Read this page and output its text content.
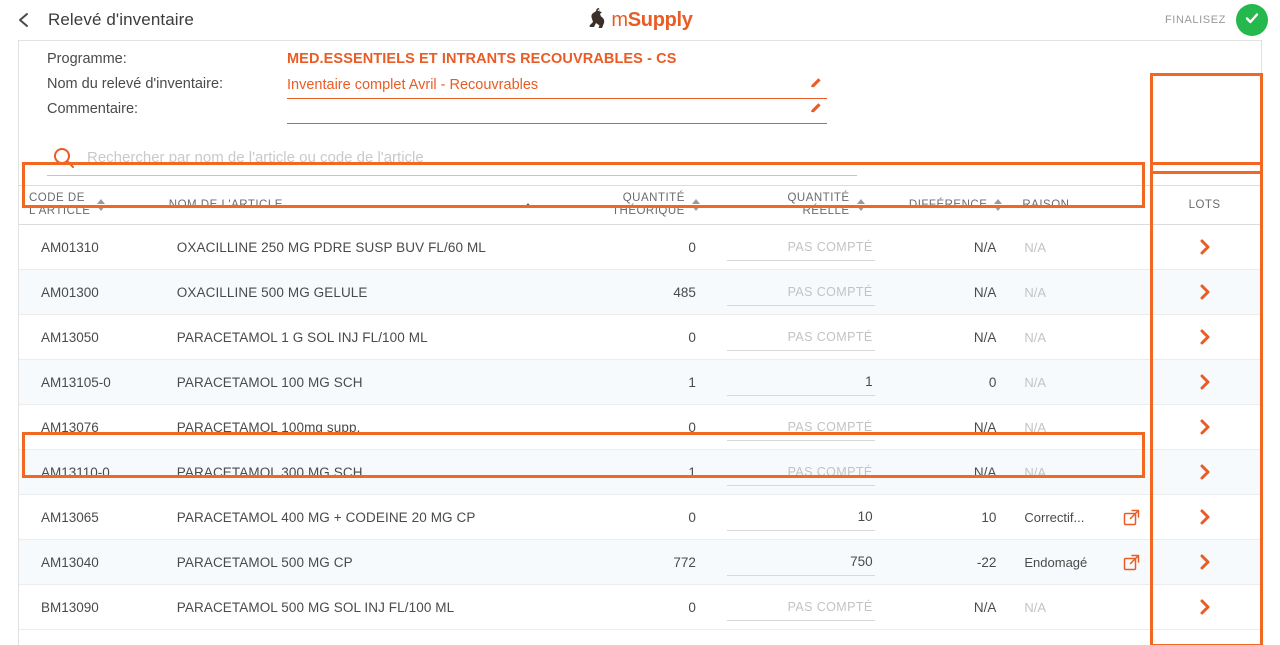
Relevé d'inventaire	mSupply	FINALISEZ
Programme:	MED.ESSENTIELS ET INTRANTS RECOUVRABLES - CS
Nom du relevé d'inventaire:	Inventaire complet Avril - Recouvrables
Commentaire:
Rechercher par nom de l'article ou code de l'article
CODE DE
L'ARTICLE
NOM DE L'ARTICLE
QUANTITÉ
THÉORIQUE
QUANTITÉ
RÉELLE
DIFFÉRENCE	RAISON	LOTS
AM01310	OXACILLINE 250 MG PDRE SUSP BUV FL/60 ML	0	PAS COMPTÉ	N/A	N/A
AM01300	OXACILLINE 500 MG GELULE	485	PAS COMPTÉ	N/A	N/A
AM13050	PARACETAMOL 1 G SOL INJ FL/100 ML	0	PAS COMPTÉ	N/A	N/A
AM13105-0	PARACETAMOL 100 MG SCH	1	1	0	N/A
AM13076	PARACETAMOL 100mg supp.	0	PAS COMPTÉ	N/A	N/A
AM13110-0	PARACETAMOL 300 MG SCH	1	PAS COMPTÉ	N/A	N/A
AM13065	PARACETAMOL 400 MG + CODEINE 20 MG CP	0	10	10	Correctif...
AM13040	PARACETAMOL 500 MG CP	772	750	-22	Endomagé
BM13090	PARACETAMOL 500 MG SOL INJ FL/100 ML	0	PAS COMPTÉ	N/A	N/A
